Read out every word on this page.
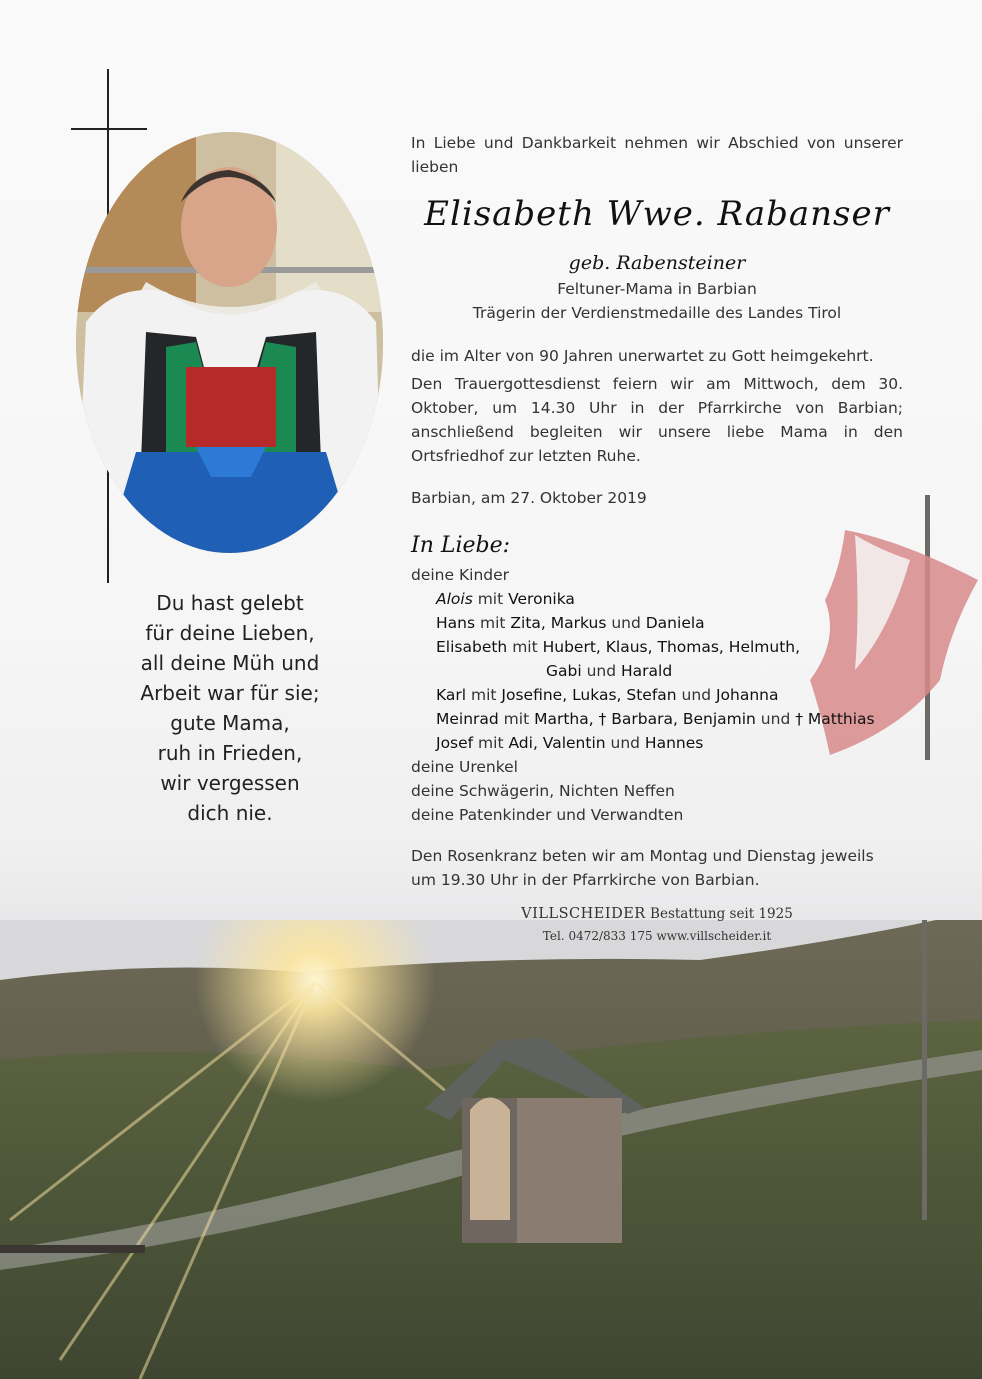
Du hast gelebt
für deine Lieben,
all deine Müh und
Arbeit war für sie;
gute Mama,
ruh in Frieden,
wir vergessen
dich nie.
In Liebe und Dankbarkeit nehmen wir Abschied von unserer lieben
Elisabeth Wwe. Rabanser
geb. Rabensteiner
Feltuner-Mama in Barbian
Trägerin der Verdienstmedaille des Landes Tirol
die im Alter von 90 Jahren unerwartet zu Gott heimgekehrt.
Den Trauergottesdienst feiern wir am Mittwoch, dem 30. Oktober, um 14.30 Uhr in der Pfarrkirche von Barbian; anschließend begleiten wir unsere liebe Mama in den Ortsfriedhof zur letzten Ruhe.
Barbian, am 27. Oktober 2019
In Liebe:
deine Kinder
Alois mit Veronika
Hans mit Zita, Markus und Daniela
Elisabeth mit Hubert, Klaus, Thomas, Helmuth,
Gabi und Harald
Karl mit Josefine, Lukas, Stefan und Johanna
Meinrad mit Martha, † Barbara, Benjamin und † Matthias
Josef mit Adi, Valentin und Hannes
deine Urenkel
deine Schwägerin, Nichten Neffen
deine Patenkinder und Verwandten
Den Rosenkranz beten wir am Montag und Dienstag jeweils um 19.30 Uhr in der Pfarrkirche von Barbian.
VILLSCHEIDER Bestattung seit 1925
Tel. 0472/833 175 www.villscheider.it
